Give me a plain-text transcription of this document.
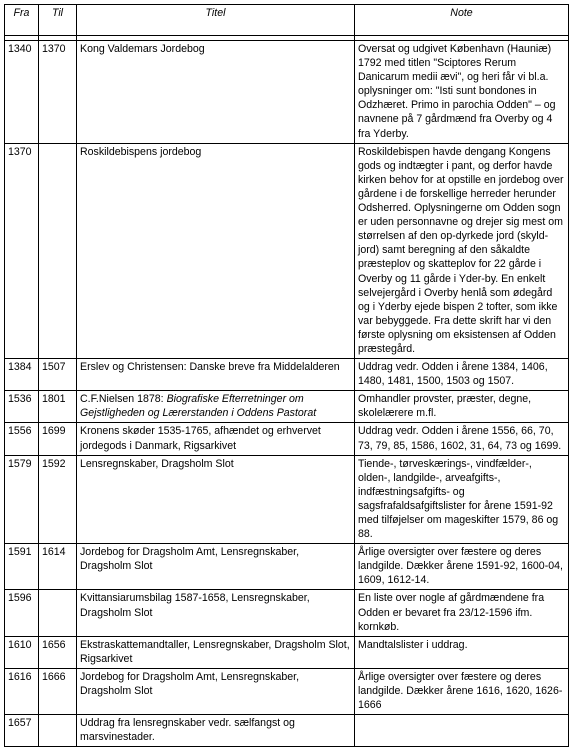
Fra	Til	Titel	Note

1340	1370	Kong Valdemars Jordebog	Oversat og udgivet København (Hauniæ) 1792 med titlen "Sciptores Rerum Danicarum medii ævi", og heri får vi bl.a. oplysninger om: "Isti sunt bondones in Odzhæret. Primo in parochia Odden" – og navnene på 7 gårdmænd fra Overby og 4 fra Yderby.
1370		Roskildebispens jordebog	Roskildebispen havde dengang Kongens gods og indtægter i pant, og derfor havde kirken behov for at opstille en jordebog over gårdene i de forskellige herreder herunder Odsherred. Oplysningerne om Odden sogn er uden personnavne og drejer sig mest om størrelsen af den op-dyrkede jord (skyld-jord) samt beregning af den såkaldte præsteplov og skatteplov for 22 gårde i Overby og 11 gårde i Yder-by. En enkelt selvejergård i Overby henlå som ødegård og i Yderby ejede bispen 2 tofter, som ikke var bebyggede. Fra dette skrift har vi den første oplysning om eksistensen af Odden præstegård.
1384	1507	Erslev og Christensen: Danske breve fra Middelalderen	Uddrag vedr. Odden i årene 1384, 1406, 1480, 1481, 1500, 1503 og 1507.
1536	1801	C.F.Nielsen 1878: Biografiske Efterretninger om Gejstligheden og Lærerstanden i Oddens Pastorat	Omhandler provster, præster, degne, skolelærere m.fl.
1556	1699	Kronens skøder 1535-1765, afhændet og erhvervet jordegods i Danmark, Rigsarkivet	Uddrag vedr. Odden i årene 1556, 66, 70, 73, 79, 85, 1586, 1602, 31, 64, 73 og 1699.
1579	1592	Lensregnskaber, Dragsholm Slot	Tiende-, tørveskærings-, vindfælder-, olden-, landgilde-, arveafgifts-, indfæstningsafgifts- og sagsfrafaldsafgiftslister for årene 1591-92 med tilføjelser om mageskifter 1579, 86 og 88.
1591	1614	Jordebog for Dragsholm Amt, Lensregnskaber, Dragsholm Slot	Årlige oversigter over fæstere og deres landgilde. Dækker årene 1591-92, 1600-04, 1609, 1612-14.
1596		Kvittansiarumsbilag 1587-1658, Lensregnskaber, Dragsholm Slot	En liste over nogle af gårdmændene fra Odden er bevaret fra 23/12-1596 ifm. kornkøb.
1610	1656	Ekstraskattemandtaller, Lensregnskaber, Dragsholm Slot, Rigsarkivet	Mandtalslister i uddrag.
1616	1666	Jordebog for Dragsholm Amt, Lensregnskaber, Dragsholm Slot	Årlige oversigter over fæstere og deres landgilde. Dækker årene 1616, 1620, 1626-1666
1657		Uddrag fra lensregnskaber vedr. sælfangst og marsvinestader.	
